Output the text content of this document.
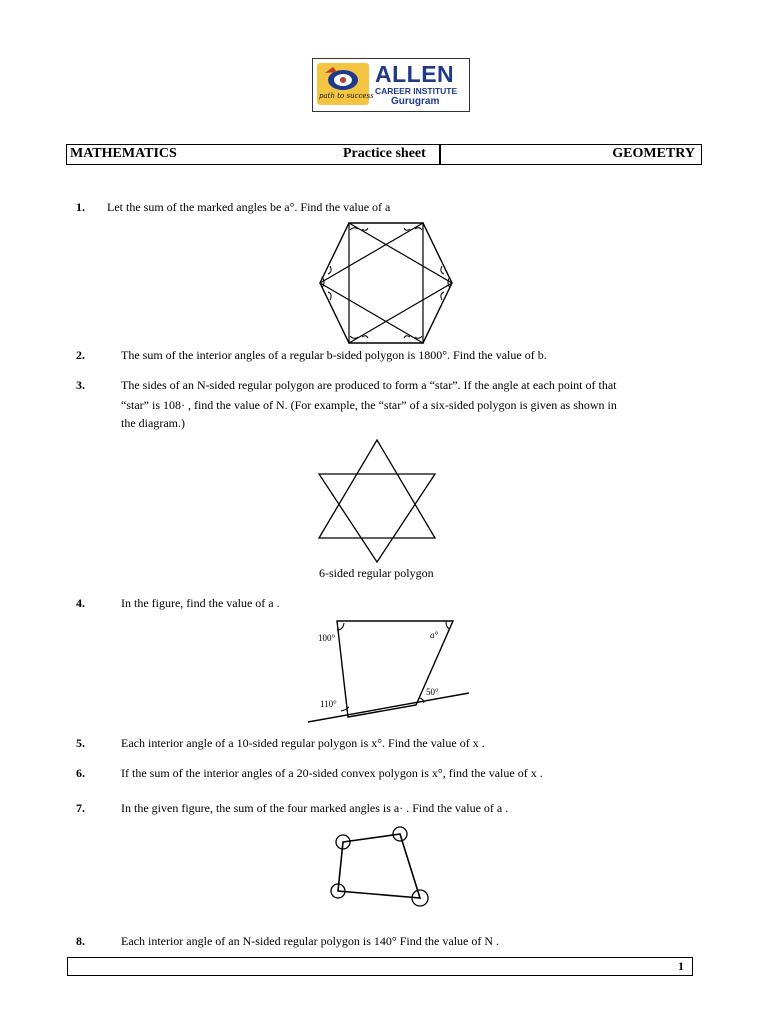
path to success
ALLEN
CAREER INSTITUTE
Gurugram
MATHEMATICS	Practice sheet	GEOMETRY
1. Let the sum of the marked angles be a°. Find the value of a
2.	The sum of the interior angles of a regular b-sided polygon is 1800°. Find the value of b.
3.	The sides of an N-sided regular polygon are produced to form a “star”. If the angle at each point of that
“star” is 108· , find the value of N. (For example, the “star” of a six-sided polygon is given as shown in
the diagram.)
6-sided regular polygon
4.	In the figure, find the value of a .
100°	a°
110°
50°
5.	Each interior angle of a 10-sided regular polygon is x°. Find the value of x .
6.	If the sum of the interior angles of a 20-sided convex polygon is x°, find the value of x .
7.	In the given figure, the sum of the four marked angles is a· . Find the value of a .
8.	Each interior angle of an N-sided regular polygon is 140° Find the value of N .
1
